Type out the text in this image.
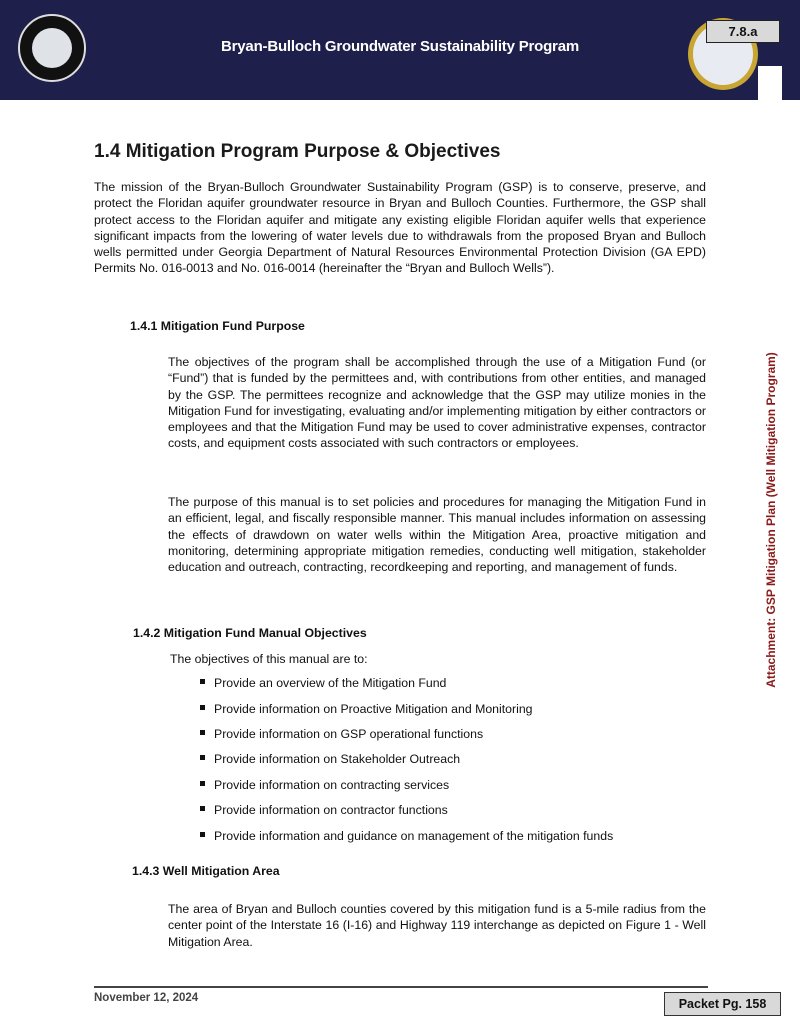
Bryan-Bulloch Groundwater Sustainability Program
7.8.a
Attachment: GSP Mitigation Plan (Well Mitigation Program)
1.4 Mitigation Program Purpose & Objectives

The mission of the Bryan-Bulloch Groundwater Sustainability Program (GSP) is to conserve, preserve, and protect the Floridan aquifer groundwater resource in Bryan and Bulloch Counties. Furthermore, the GSP shall protect access to the Floridan aquifer and mitigate any existing eligible Floridan aquifer wells that experience significant impacts from the lowering of water levels due to withdrawals from the proposed Bryan and Bulloch wells permitted under Georgia Department of Natural Resources Environmental Protection Division (GA EPD) Permits No. 016-0013 and No. 016-0014 (hereinafter the “Bryan and Bulloch Wells”).

1.4.1 Mitigation Fund Purpose

The objectives of the program shall be accomplished through the use of a Mitigation Fund (or “Fund”) that is funded by the permittees and, with contributions from other entities, and managed by the GSP. The permittees recognize and acknowledge that the GSP may utilize monies in the Mitigation Fund for investigating, evaluating and/or implementing mitigation by either contractors or employees and that the Mitigation Fund may be used to cover administrative expenses, contractor costs, and equipment costs associated with such contractors or employees.

The purpose of this manual is to set policies and procedures for managing the Mitigation Fund in an efficient, legal, and fiscally responsible manner. This manual includes information on assessing the effects of drawdown on water wells within the Mitigation Area, proactive mitigation and monitoring, determining appropriate mitigation remedies, conducting well mitigation, stakeholder education and outreach, contracting, recordkeeping and reporting, and management of funds.

1.4.2 Mitigation Fund Manual Objectives

The objectives of this manual are to:

Provide an overview of the Mitigation Fund
Provide information on Proactive Mitigation and Monitoring
Provide information on GSP operational functions
Provide information on Stakeholder Outreach
Provide information on contracting services
Provide information on contractor functions
Provide information and guidance on management of the mitigation funds

1.4.3 Well Mitigation Area

The area of Bryan and Bulloch counties covered by this mitigation fund is a 5-mile radius from the center point of the Interstate 16 (I-16) and Highway 119 interchange as depicted on Figure 1 - Well Mitigation Area.

November 12, 2024	Packet Pg. 158
